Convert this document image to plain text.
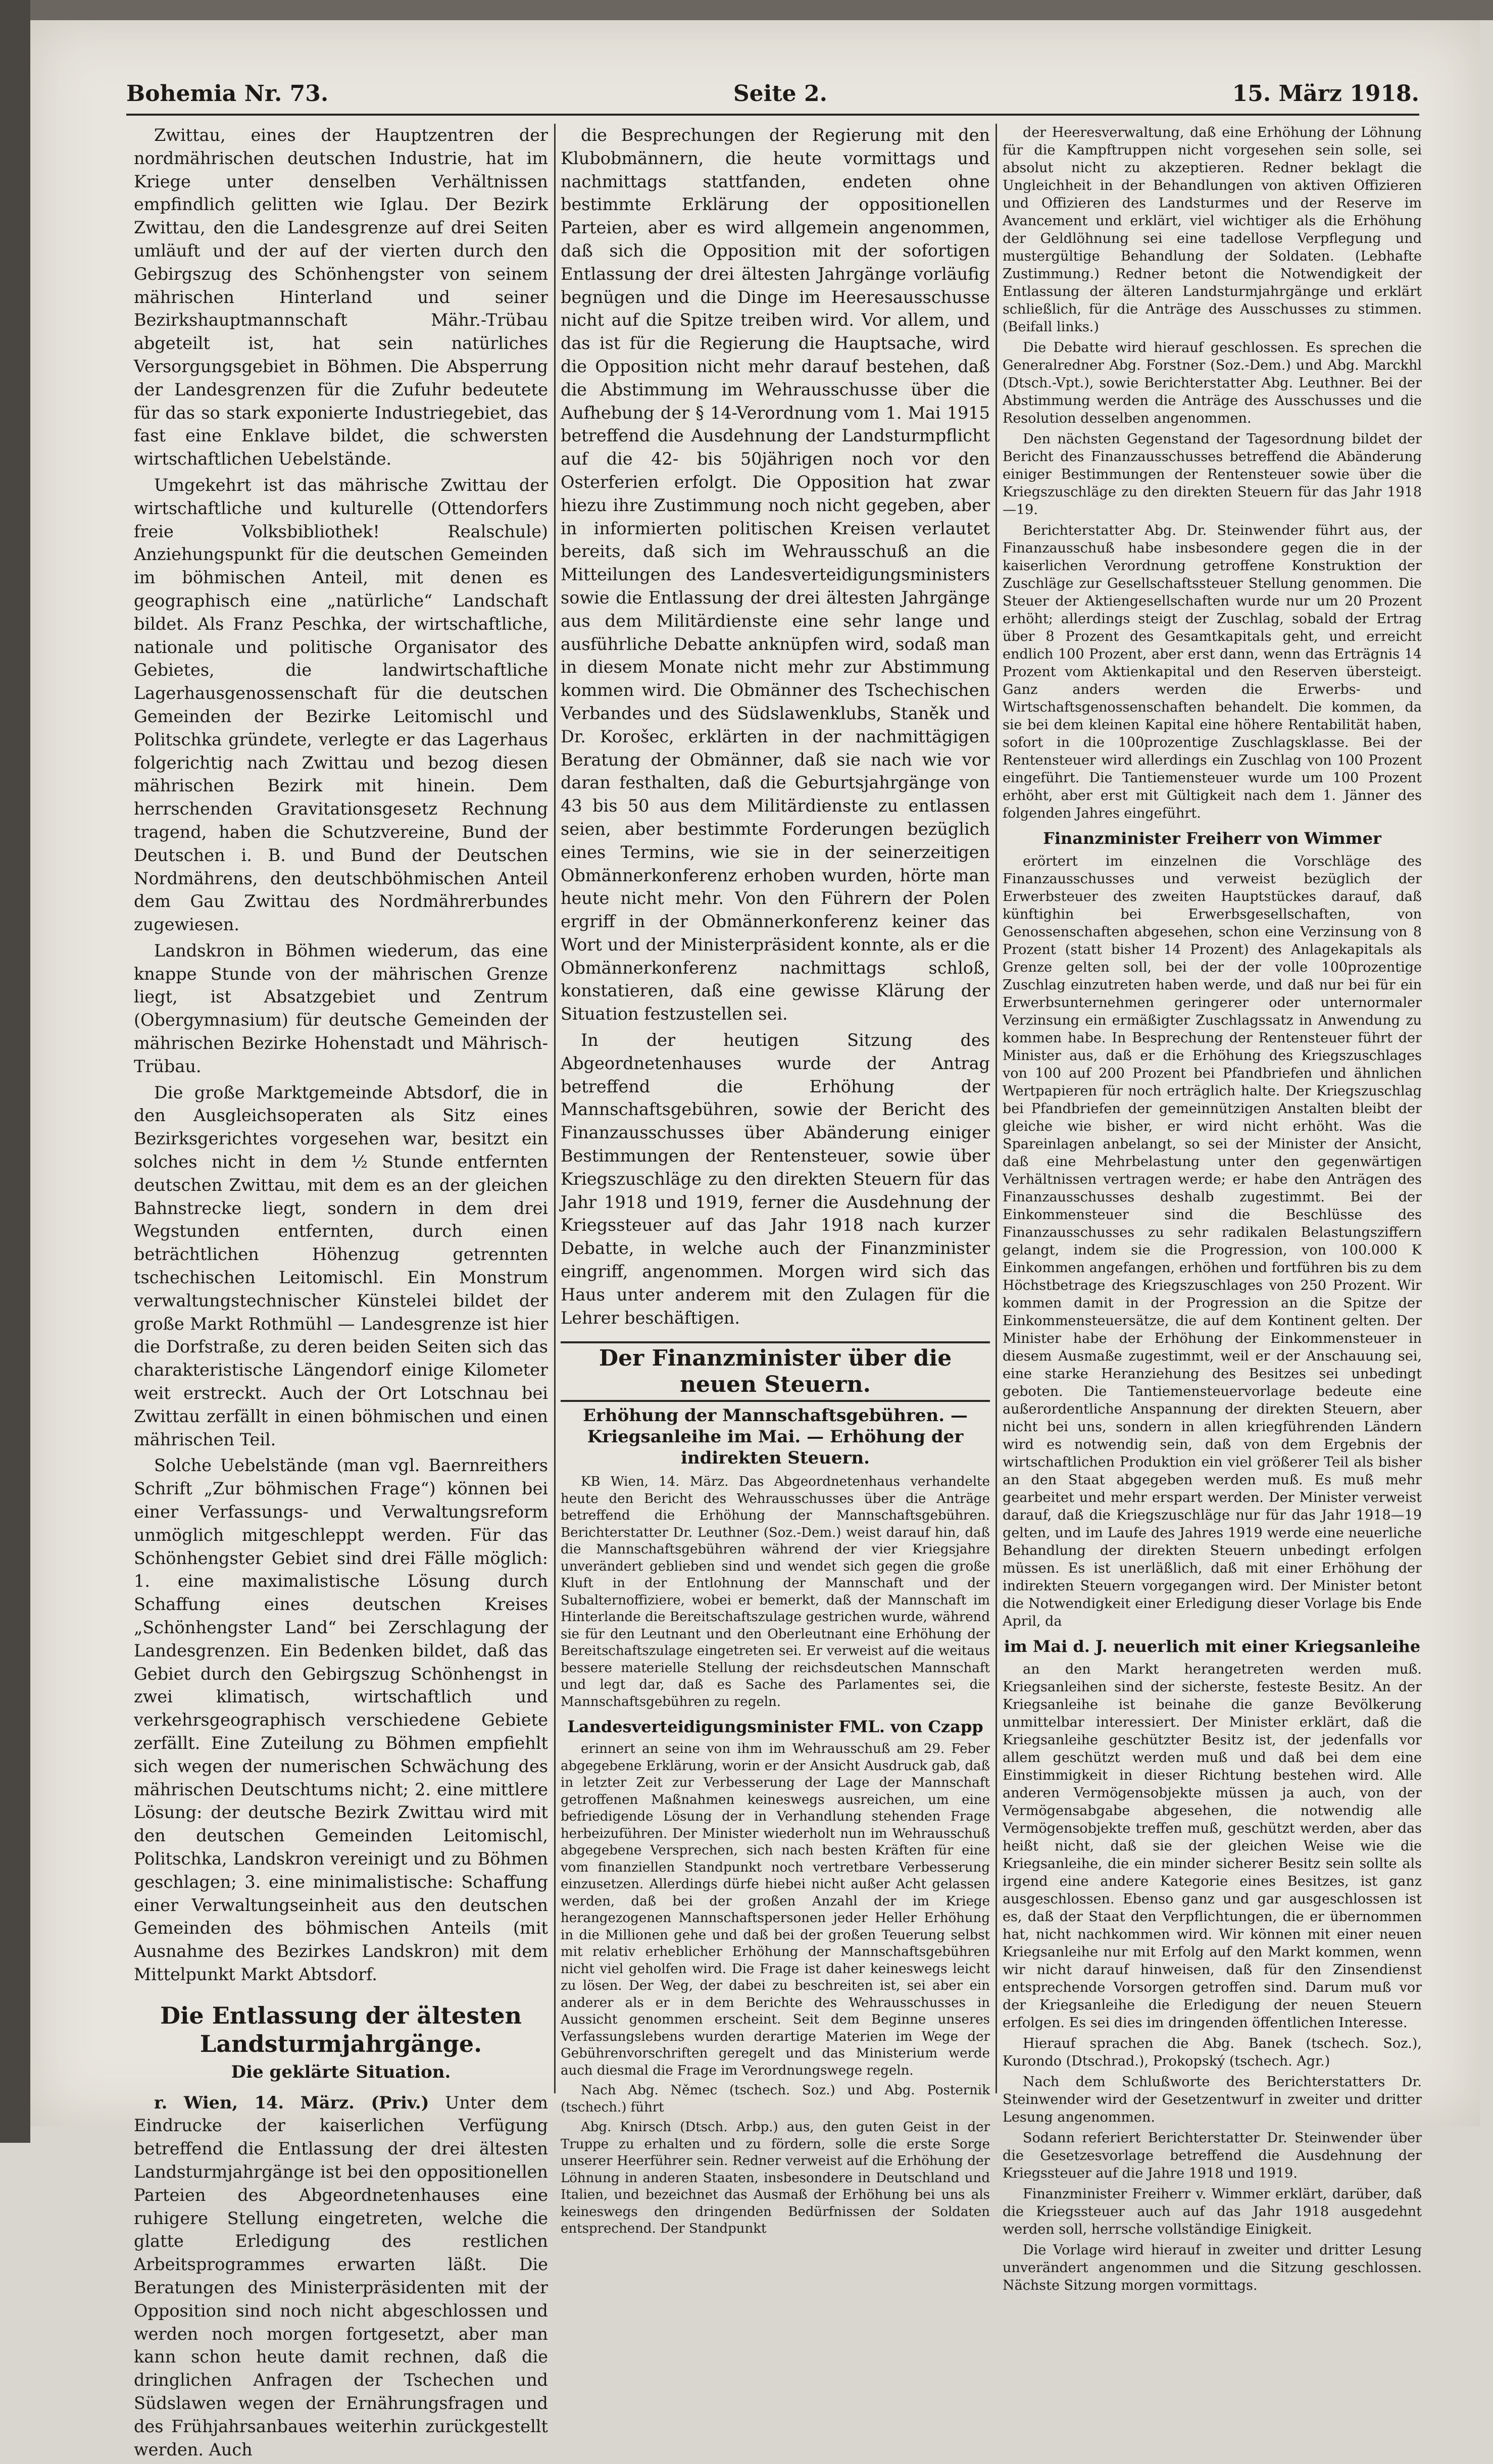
Bohemia Nr. 73.	Seite 2.	15. März 1918.

Zwittau, eines der Hauptzentren der nordmährischen deutschen Industrie, hat im Kriege unter denselben Verhältnissen empfindlich gelitten wie Iglau. Der Bezirk Zwittau, den die Landesgrenze auf drei Seiten umläuft und der auf der vierten durch den Gebirgszug des Schönhengster von seinem mährischen Hinterland und seiner Bezirkshauptmannschaft Mähr.-Trübau abgeteilt ist, hat sein natürliches Versorgungsgebiet in Böhmen. Die Absperrung der Landesgrenzen für die Zufuhr bedeutete für das so stark exponierte Industriegebiet, das fast eine Enklave bildet, die schwersten wirtschaftlichen Uebelstände.

Umgekehrt ist das mährische Zwittau der wirtschaftliche und kulturelle (Ottendorfers freie Volksbibliothek! Realschule) Anziehungspunkt für die deutschen Gemeinden im böhmischen Anteil, mit denen es geographisch eine „natürliche“ Landschaft bildet. Als Franz Peschka, der wirtschaftliche, nationale und politische Organisator des Gebietes, die landwirtschaftliche Lagerhausgenossenschaft für die deutschen Gemeinden der Bezirke Leitomischl und Politschka gründete, verlegte er das Lagerhaus folgerichtig nach Zwittau und bezog diesen mährischen Bezirk mit hinein. Dem herrschenden Gravitationsgesetz Rechnung tragend, haben die Schutzvereine, Bund der Deutschen i. B. und Bund der Deutschen Nordmährens, den deutschböhmischen Anteil dem Gau Zwittau des Nordmährerbundes zugewiesen.

Landskron in Böhmen wiederum, das eine knappe Stunde von der mährischen Grenze liegt, ist Absatzgebiet und Zentrum (Obergymnasium) für deutsche Gemeinden der mährischen Bezirke Hohenstadt und Mährisch-Trübau.

Die große Marktgemeinde Abtsdorf, die in den Ausgleichsoperaten als Sitz eines Bezirksgerichtes vorgesehen war, besitzt ein solches nicht in dem ½ Stunde entfernten deutschen Zwittau, mit dem es an der gleichen Bahnstrecke liegt, sondern in dem drei Wegstunden entfernten, durch einen beträchtlichen Höhenzug getrennten tschechischen Leitomischl. Ein Monstrum verwaltungstechnischer Künstelei bildet der große Markt Rothmühl — Landesgrenze ist hier die Dorfstraße, zu deren beiden Seiten sich das charakteristische Längendorf einige Kilometer weit erstreckt. Auch der Ort Lotschnau bei Zwittau zerfällt in einen böhmischen und einen mährischen Teil.

Solche Uebelstände (man vgl. Baernreithers Schrift „Zur böhmischen Frage“) können bei einer Verfassungs- und Verwaltungsreform unmöglich mitgeschleppt werden. Für das Schönhengster Gebiet sind drei Fälle möglich: 1. eine maximalistische Lösung durch Schaffung eines deutschen Kreises „Schönhengster Land“ bei Zerschlagung der Landesgrenzen. Ein Bedenken bildet, daß das Gebiet durch den Gebirgszug Schönhengst in zwei klimatisch, wirtschaftlich und verkehrsgeographisch verschiedene Gebiete zerfällt. Eine Zuteilung zu Böhmen empfiehlt sich wegen der numerischen Schwächung des mährischen Deutschtums nicht; 2. eine mittlere Lösung: der deutsche Bezirk Zwittau wird mit den deutschen Gemeinden Leitomischl, Politschka, Landskron vereinigt und zu Böhmen geschlagen; 3. eine minimalistische: Schaffung einer Verwaltungseinheit aus den deutschen Gemeinden des böhmischen Anteils (mit Ausnahme des Bezirkes Landskron) mit dem Mittelpunkt Markt Abtsdorf.

Die Entlassung der ältesten Landsturmjahrgänge.
Die geklärte Situation.

r. Wien, 14. März. (Priv.) Unter dem Eindrucke der kaiserlichen Verfügung betreffend die Entlassung der drei ältesten Landsturmjahrgänge ist bei den oppositionellen Parteien des Abgeordnetenhauses eine ruhigere Stellung eingetreten, welche die glatte Erledigung des restlichen Arbeitsprogrammes erwarten läßt. Die Beratungen des Ministerpräsidenten mit der Opposition sind noch nicht abgeschlossen und werden noch morgen fortgesetzt, aber man kann schon heute damit rechnen, daß die dringlichen Anfragen der Tschechen und Südslawen wegen der Ernährungsfragen und des Frühjahrsanbaues weiterhin zurückgestellt werden. Auch

die Besprechungen der Regierung mit den Klubobmännern, die heute vormittags und nachmittags stattfanden, endeten ohne bestimmte Erklärung der oppositionellen Parteien, aber es wird allgemein angenommen, daß sich die Opposition mit der sofortigen Entlassung der drei ältesten Jahrgänge vorläufig begnügen und die Dinge im Heeresausschusse nicht auf die Spitze treiben wird. Vor allem, und das ist für die Regierung die Hauptsache, wird die Opposition nicht mehr darauf bestehen, daß die Abstimmung im Wehrausschusse über die Aufhebung der § 14-Verordnung vom 1. Mai 1915 betreffend die Ausdehnung der Landsturmpflicht auf die 42- bis 50jährigen noch vor den Osterferien erfolgt. Die Opposition hat zwar hiezu ihre Zustimmung noch nicht gegeben, aber in informierten politischen Kreisen verlautet bereits, daß sich im Wehrausschuß an die Mitteilungen des Landesverteidigungsministers sowie die Entlassung der drei ältesten Jahrgänge aus dem Militärdienste eine sehr lange und ausführliche Debatte anknüpfen wird, sodaß man in diesem Monate nicht mehr zur Abstimmung kommen wird. Die Obmänner des Tschechischen Verbandes und des Südslawenklubs, Staněk und Dr. Korošec, erklärten in der nachmittägigen Beratung der Obmänner, daß sie nach wie vor daran festhalten, daß die Geburtsjahrgänge von 43 bis 50 aus dem Militärdienste zu entlassen seien, aber bestimmte Forderungen bezüglich eines Termins, wie sie in der seinerzeitigen Obmännerkonferenz erhoben wurden, hörte man heute nicht mehr. Von den Führern der Polen ergriff in der Obmännerkonferenz keiner das Wort und der Ministerpräsident konnte, als er die Obmännerkonferenz nachmittags schloß, konstatieren, daß eine gewisse Klärung der Situation festzustellen sei.

In der heutigen Sitzung des Abgeordnetenhauses wurde der Antrag betreffend die Erhöhung der Mannschaftsgebühren, sowie der Bericht des Finanzausschusses über Abänderung einiger Bestimmungen der Rentensteuer, sowie über Kriegszuschläge zu den direkten Steuern für das Jahr 1918 und 1919, ferner die Ausdehnung der Kriegssteuer auf das Jahr 1918 nach kurzer Debatte, in welche auch der Finanzminister eingriff, angenommen. Morgen wird sich das Haus unter anderem mit den Zulagen für die Lehrer beschäftigen.

Der Finanzminister über die neuen Steuern.
Erhöhung der Mannschaftsgebühren. — Kriegsanleihe im Mai. — Erhöhung der indirekten Steuern.

KB Wien, 14. März. Das Abgeordnetenhaus verhandelte heute den Bericht des Wehrausschusses über die Anträge betreffend die Erhöhung der Mannschaftsgebühren. Berichterstatter Dr. Leuthner (Soz.-Dem.) weist darauf hin, daß die Mannschaftsgebühren während der vier Kriegsjahre unverändert geblieben sind und wendet sich gegen die große Kluft in der Entlohnung der Mannschaft und der Subalternoffiziere, wobei er bemerkt, daß der Mannschaft im Hinterlande die Bereitschaftszulage gestrichen wurde, während sie für den Leutnant und den Oberleutnant eine Erhöhung der Bereitschaftszulage eingetreten sei. Er verweist auf die weitaus bessere materielle Stellung der reichsdeutschen Mannschaft und legt dar, daß es Sache des Parlamentes sei, die Mannschaftsgebühren zu regeln.

Landesverteidigungsminister FML. von Czapp

erinnert an seine von ihm im Wehrausschuß am 29. Feber abgegebene Erklärung, worin er der Ansicht Ausdruck gab, daß in letzter Zeit zur Verbesserung der Lage der Mannschaft getroffenen Maßnahmen keineswegs ausreichen, um eine befriedigende Lösung der in Verhandlung stehenden Frage herbeizuführen. Der Minister wiederholt nun im Wehrausschuß abgegebene Versprechen, sich nach besten Kräften für eine vom finanziellen Standpunkt noch vertretbare Verbesserung einzusetzen. Allerdings dürfe hiebei nicht außer Acht gelassen werden, daß bei der großen Anzahl der im Kriege herangezogenen Mannschaftspersonen jeder Heller Erhöhung in die Millionen gehe und daß bei der großen Teuerung selbst mit relativ erheblicher Erhöhung der Mannschaftsgebühren nicht viel geholfen wird. Die Frage ist daher keineswegs leicht zu lösen. Der Weg, der dabei zu beschreiten ist, sei aber ein anderer als er in dem Berichte des Wehrausschusses in Aussicht genommen erscheint. Seit dem Beginne unseres Verfassungslebens wurden derartige Materien im Wege der Gebührenvorschriften geregelt und das Ministerium werde auch diesmal die Frage im Verordnungswege regeln.

Nach Abg. Němec (tschech. Soz.) und Abg. Posternik (tschech.) führt

Abg. Knirsch (Dtsch. Arbp.) aus, den guten Geist in der Truppe zu erhalten und zu fördern, solle die erste Sorge unserer Heerführer sein. Redner verweist auf die Erhöhung der Löhnung in anderen Staaten, insbesondere in Deutschland und Italien, und bezeichnet das Ausmaß der Erhöhung bei uns als keineswegs den dringenden Bedürfnissen der Soldaten entsprechend. Der Standpunkt

der Heeresverwaltung, daß eine Erhöhung der Löhnung für die Kampftruppen nicht vorgesehen sein solle, sei absolut nicht zu akzeptieren. Redner beklagt die Ungleichheit in der Behandlungen von aktiven Offizieren und Offizieren des Landsturmes und der Reserve im Avancement und erklärt, viel wichtiger als die Erhöhung der Geldlöhnung sei eine tadellose Verpflegung und mustergültige Behandlung der Soldaten. (Lebhafte Zustimmung.) Redner betont die Notwendigkeit der Entlassung der älteren Landsturmjahrgänge und erklärt schließlich, für die Anträge des Ausschusses zu stimmen. (Beifall links.)

Die Debatte wird hierauf geschlossen. Es sprechen die Generalredner Abg. Forstner (Soz.-Dem.) und Abg. Marckhl (Dtsch.-Vpt.), sowie Berichterstatter Abg. Leuthner. Bei der Abstimmung werden die Anträge des Ausschusses und die Resolution desselben angenommen.

Den nächsten Gegenstand der Tagesordnung bildet der Bericht des Finanzausschusses betreffend die Abänderung einiger Bestimmungen der Rentensteuer sowie über die Kriegszuschläge zu den direkten Steuern für das Jahr 1918—19.

Berichterstatter Abg. Dr. Steinwender führt aus, der Finanzausschuß habe insbesondere gegen die in der kaiserlichen Verordnung getroffene Konstruktion der Zuschläge zur Gesellschaftssteuer Stellung genommen. Die Steuer der Aktiengesellschaften wurde nur um 20 Prozent erhöht; allerdings steigt der Zuschlag, sobald der Ertrag über 8 Prozent des Gesamtkapitals geht, und erreicht endlich 100 Prozent, aber erst dann, wenn das Erträgnis 14 Prozent vom Aktienkapital und den Reserven übersteigt. Ganz anders werden die Erwerbs- und Wirtschaftsgenossenschaften behandelt. Die kommen, da sie bei dem kleinen Kapital eine höhere Rentabilität haben, sofort in die 100prozentige Zuschlagsklasse. Bei der Rentensteuer wird allerdings ein Zuschlag von 100 Prozent eingeführt. Die Tantiemensteuer wurde um 100 Prozent erhöht, aber erst mit Gültigkeit nach dem 1. Jänner des folgenden Jahres eingeführt.

Finanzminister Freiherr von Wimmer

erörtert im einzelnen die Vorschläge des Finanzausschusses und verweist bezüglich der Erwerbsteuer des zweiten Hauptstückes darauf, daß künftighin bei Erwerbsgesellschaften, von Genossenschaften abgesehen, schon eine Verzinsung von 8 Prozent (statt bisher 14 Prozent) des Anlagekapitals als Grenze gelten soll, bei der der volle 100prozentige Zuschlag einzutreten haben werde, und daß nur bei für ein Erwerbsunternehmen geringerer oder unternormaler Verzinsung ein ermäßigter Zuschlagssatz in Anwendung zu kommen habe. In Besprechung der Rentensteuer führt der Minister aus, daß er die Erhöhung des Kriegszuschlages von 100 auf 200 Prozent bei Pfandbriefen und ähnlichen Wertpapieren für noch erträglich halte. Der Kriegszuschlag bei Pfandbriefen der gemeinnützigen Anstalten bleibt der gleiche wie bisher, er wird nicht erhöht. Was die Spareinlagen anbelangt, so sei der Minister der Ansicht, daß eine Mehrbelastung unter den gegenwärtigen Verhältnissen vertragen werde; er habe den Anträgen des Finanzausschusses deshalb zugestimmt. Bei der Einkommensteuer sind die Beschlüsse des Finanzausschusses zu sehr radikalen Belastungsziffern gelangt, indem sie die Progression, von 100.000 K Einkommen angefangen, erhöhen und fortführen bis zu dem Höchstbetrage des Kriegszuschlages von 250 Prozent. Wir kommen damit in der Progression an die Spitze der Einkommensteuersätze, die auf dem Kontinent gelten. Der Minister habe der Erhöhung der Einkommensteuer in diesem Ausmaße zugestimmt, weil er der Anschauung sei, eine starke Heranziehung des Besitzes sei unbedingt geboten. Die Tantiemensteuervorlage bedeute eine außerordentliche Anspannung der direkten Steuern, aber nicht bei uns, sondern in allen kriegführenden Ländern wird es notwendig sein, daß von dem Ergebnis der wirtschaftlichen Produktion ein viel größerer Teil als bisher an den Staat abgegeben werden muß. Es muß mehr gearbeitet und mehr erspart werden. Der Minister verweist darauf, daß die Kriegszuschläge nur für das Jahr 1918—19 gelten, und im Laufe des Jahres 1919 werde eine neuerliche Behandlung der direkten Steuern unbedingt erfolgen müssen. Es ist unerläßlich, daß mit einer Erhöhung der indirekten Steuern vorgegangen wird. Der Minister betont die Notwendigkeit einer Erledigung dieser Vorlage bis Ende April, da

im Mai d. J. neuerlich mit einer Kriegsanleihe

an den Markt herangetreten werden muß. Kriegsanleihen sind der sicherste, festeste Besitz. An der Kriegsanleihe ist beinahe die ganze Bevölkerung unmittelbar interessiert. Der Minister erklärt, daß die Kriegsanleihe geschützter Besitz ist, der jedenfalls vor allem geschützt werden muß und daß bei dem eine Einstimmigkeit in dieser Richtung bestehen wird. Alle anderen Vermögensobjekte müssen ja auch, von der Vermögensabgabe abgesehen, die notwendig alle Vermögensobjekte treffen muß, geschützt werden, aber das heißt nicht, daß sie der gleichen Weise wie die Kriegsanleihe, die ein minder sicherer Besitz sein sollte als irgend eine andere Kategorie eines Besitzes, ist ganz ausgeschlossen. Ebenso ganz und gar ausgeschlossen ist es, daß der Staat den Verpflichtungen, die er übernommen hat, nicht nachkommen wird. Wir können mit einer neuen Kriegsanleihe nur mit Erfolg auf den Markt kommen, wenn wir nicht darauf hinweisen, daß für den Zinsendienst entsprechende Vorsorgen getroffen sind. Darum muß vor der Kriegsanleihe die Erledigung der neuen Steuern erfolgen. Es sei dies im dringenden öffentlichen Interesse.

Hierauf sprachen die Abg. Banek (tschech. Soz.), Kurondo (Dtschrad.), Prokopský (tschech. Agr.)

Nach dem Schlußworte des Berichterstatters Dr. Steinwender wird der Gesetzentwurf in zweiter und dritter Lesung angenommen.

Sodann referiert Berichterstatter Dr. Steinwender über die Gesetzesvorlage betreffend die Ausdehnung der Kriegssteuer auf die Jahre 1918 und 1919.

Finanzminister Freiherr v. Wimmer erklärt, darüber, daß die Kriegssteuer auch auf das Jahr 1918 ausgedehnt werden soll, herrsche vollständige Einigkeit.

Die Vorlage wird hierauf in zweiter und dritter Lesung unverändert angenommen und die Sitzung geschlossen. Nächste Sitzung morgen vormittags.
